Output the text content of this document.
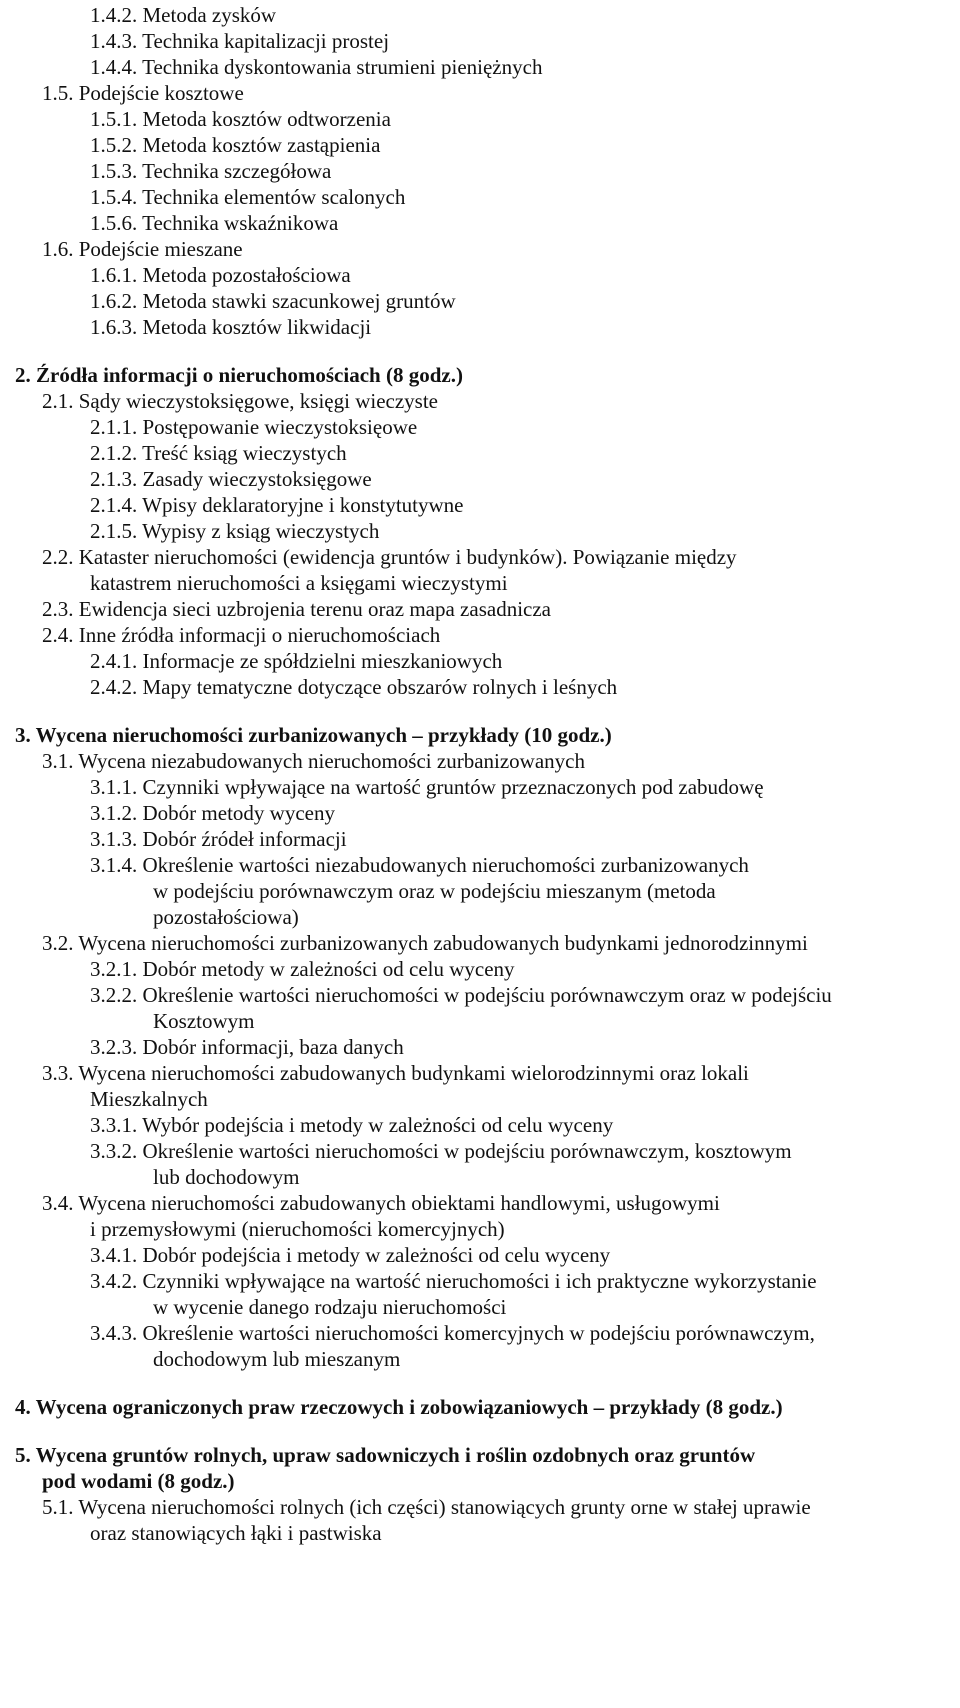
1.4.2. Metoda zysków
1.4.3. Technika kapitalizacji prostej
1.4.4. Technika dyskontowania strumieni pieniężnych
1.5. Podejście kosztowe
1.5.1. Metoda kosztów odtworzenia
1.5.2. Metoda kosztów zastąpienia
1.5.3. Technika szczegółowa
1.5.4. Technika elementów scalonych
1.5.6. Technika wskaźnikowa
1.6. Podejście mieszane
1.6.1. Metoda pozostałościowa
1.6.2. Metoda stawki szacunkowej gruntów
1.6.3. Metoda kosztów likwidacji
2. Źródła informacji o nieruchomościach (8 godz.)
2.1. Sądy wieczystoksięgowe, księgi wieczyste
2.1.1. Postępowanie wieczystoksięowe
2.1.2. Treść ksiąg wieczystych
2.1.3. Zasady wieczystoksięgowe
2.1.4. Wpisy deklaratoryjne i konstytutywne
2.1.5. Wypisy z ksiąg wieczystych
2.2. Kataster nieruchomości (ewidencja gruntów i budynków). Powiązanie między
katastrem nieruchomości a księgami wieczystymi
2.3. Ewidencja sieci uzbrojenia terenu oraz mapa zasadnicza
2.4. Inne źródła informacji o nieruchomościach
2.4.1. Informacje ze spółdzielni mieszkaniowych
2.4.2. Mapy tematyczne dotyczące obszarów rolnych i leśnych
3. Wycena nieruchomości zurbanizowanych – przykłady (10 godz.)
3.1. Wycena niezabudowanych nieruchomości zurbanizowanych
3.1.1. Czynniki wpływające na wartość gruntów przeznaczonych pod zabudowę
3.1.2. Dobór metody wyceny
3.1.3. Dobór źródeł informacji
3.1.4. Określenie wartości niezabudowanych nieruchomości zurbanizowanych
w podejściu porównawczym oraz w podejściu mieszanym (metoda
pozostałościowa)
3.2. Wycena nieruchomości zurbanizowanych zabudowanych budynkami jednorodzinnymi
3.2.1. Dobór metody w zależności od celu wyceny
3.2.2. Określenie wartości nieruchomości w podejściu porównawczym oraz w podejściu
Kosztowym
3.2.3. Dobór informacji, baza danych
3.3. Wycena nieruchomości zabudowanych budynkami wielorodzinnymi oraz lokali
Mieszkalnych
3.3.1. Wybór podejścia i metody w zależności od celu wyceny
3.3.2. Określenie wartości nieruchomości w podejściu porównawczym, kosztowym
lub dochodowym
3.4. Wycena nieruchomości zabudowanych obiektami handlowymi, usługowymi
i przemysłowymi (nieruchomości komercyjnych)
3.4.1. Dobór podejścia i metody w zależności od celu wyceny
3.4.2. Czynniki wpływające na wartość nieruchomości i ich praktyczne wykorzystanie
w wycenie danego rodzaju nieruchomości
3.4.3. Określenie wartości nieruchomości komercyjnych w podejściu porównawczym,
dochodowym lub mieszanym
4. Wycena ograniczonych praw rzeczowych i zobowiązaniowych – przykłady (8 godz.)
5. Wycena gruntów rolnych, upraw sadowniczych i roślin ozdobnych oraz gruntów
pod wodami (8 godz.)
5.1. Wycena nieruchomości rolnych (ich części) stanowiących grunty orne w stałej uprawie
oraz stanowiących łąki i pastwiska
